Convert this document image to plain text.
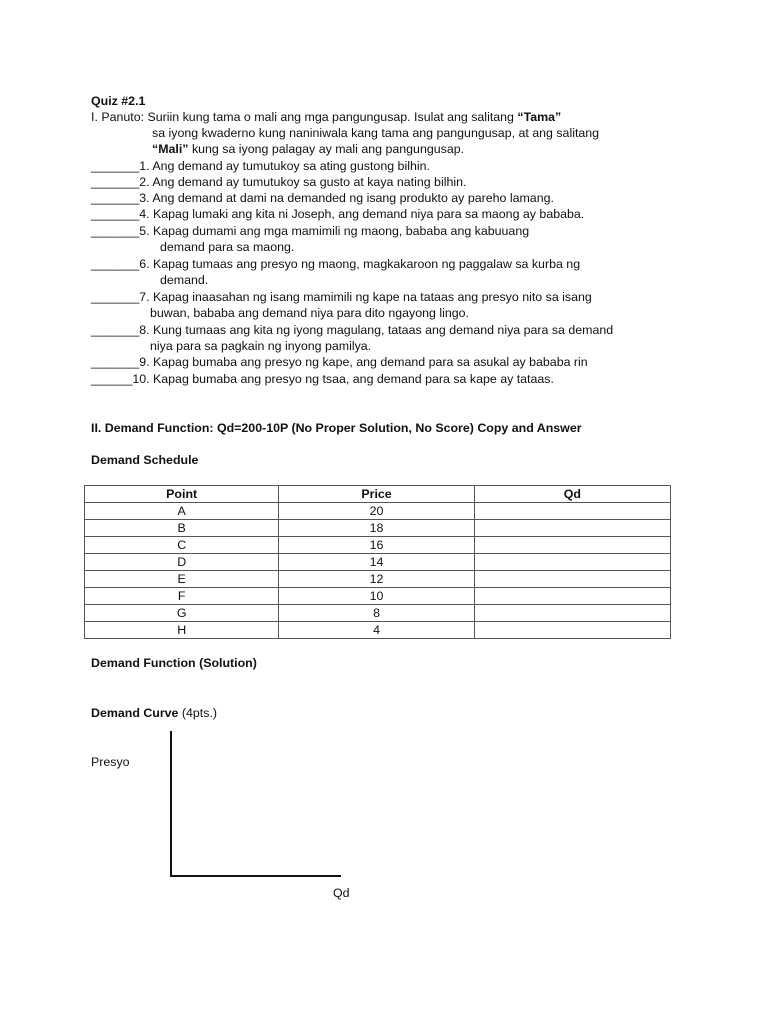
Quiz #2.1
I. Panuto: Suriin kung tama o mali ang mga pangungusap. Isulat ang salitang “Tama”
sa iyong kwaderno kung naniniwala kang tama ang pangungusap, at ang salitang
“Mali” kung sa iyong palagay ay mali ang pangungusap.
_______1. Ang demand ay tumutukoy sa ating gustong bilhin.
_______2. Ang demand ay tumutukoy sa gusto at kaya nating bilhin.
_______3. Ang demand at dami na demanded ng isang produkto ay pareho lamang.
_______4. Kapag lumaki ang kita ni Joseph, ang demand niya para sa maong ay bababa.
_______5. Kapag dumami ang mga mamimili ng maong, bababa ang kabuuang
demand para sa maong.
_______6. Kapag tumaas ang presyo ng maong, magkakaroon ng paggalaw sa kurba ng
demand.
_______7. Kapag inaasahan ng isang mamimili ng kape na tataas ang presyo nito sa isang
buwan, bababa ang demand niya para dito ngayong lingo.
_______8. Kung tumaas ang kita ng iyong magulang, tataas ang demand niya para sa demand
niya para sa pagkain ng inyong pamilya.
_______9. Kapag bumaba ang presyo ng kape, ang demand para sa asukal ay bababa rin
______10. Kapag bumaba ang presyo ng tsaa, ang demand para sa kape ay tataas.
II. Demand Function: Qd=200-10P (No Proper Solution, No Score) Copy and Answer
Demand Schedule
Point	Price	Qd
A	20	
B	18	
C	16	
D	14	
E	12	
F	10	
G	8	
H	4	
Demand Function (Solution)
Demand Curve (4pts.)
Presyo
Qd
